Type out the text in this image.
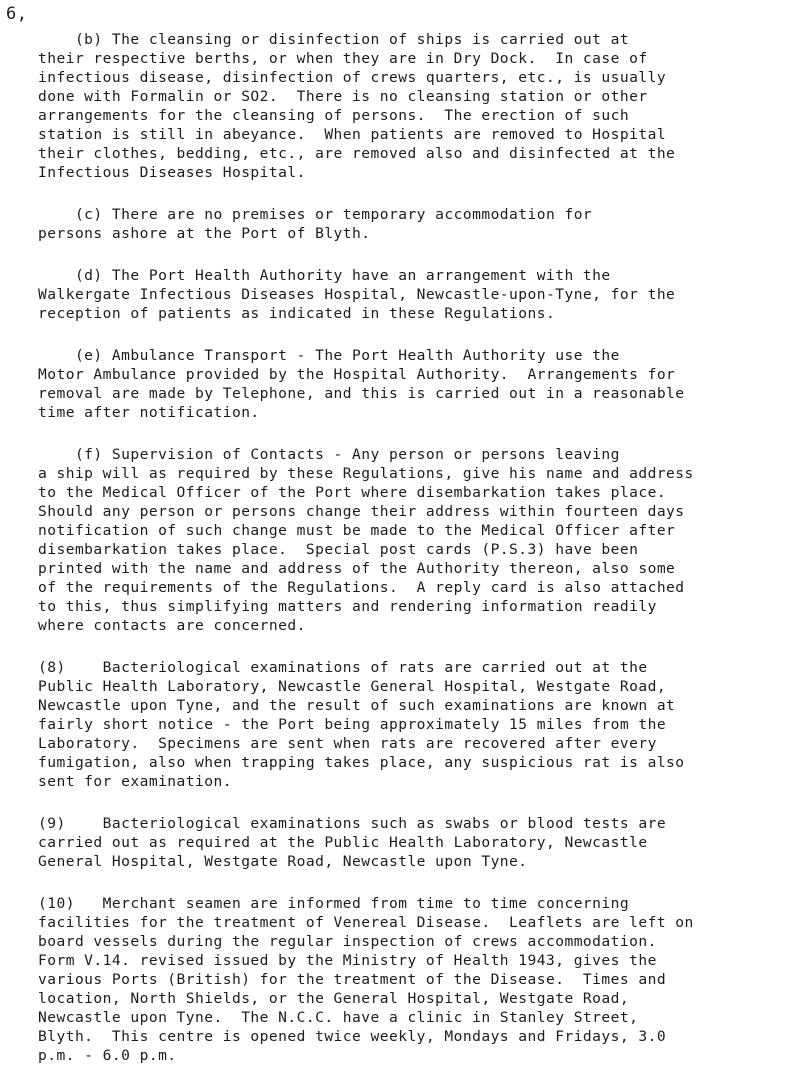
6,
(b) The cleansing or disinfection of ships is carried out at
their respective berths, or when they are in Dry Dock.  In case of
infectious disease, disinfection of crews quarters, etc., is usually
done with Formalin or SO2.  There is no cleansing station or other
arrangements for the cleansing of persons.  The erection of such
station is still in abeyance.  When patients are removed to Hospital
their clothes, bedding, etc., are removed also and disinfected at the
Infectious Diseases Hospital.
(c) There are no premises or temporary accommodation for
persons ashore at the Port of Blyth.
(d) The Port Health Authority have an arrangement with the
Walkergate Infectious Diseases Hospital, Newcastle-upon-Tyne, for the
reception of patients as indicated in these Regulations.
(e) Ambulance Transport - The Port Health Authority use the
Motor Ambulance provided by the Hospital Authority.  Arrangements for
removal are made by Telephone, and this is carried out in a reasonable
time after notification.
(f) Supervision of Contacts - Any person or persons leaving
a ship will as required by these Regulations, give his name and address
to the Medical Officer of the Port where disembarkation takes place.
Should any person or persons change their address within fourteen days
notification of such change must be made to the Medical Officer after
disembarkation takes place.  Special post cards (P.S.3) have been
printed with the name and address of the Authority thereon, also some
of the requirements of the Regulations.  A reply card is also attached
to this, thus simplifying matters and rendering information readily
where contacts are concerned.
(8)    Bacteriological examinations of rats are carried out at the
Public Health Laboratory, Newcastle General Hospital, Westgate Road,
Newcastle upon Tyne, and the result of such examinations are known at
fairly short notice - the Port being approximately 15 miles from the
Laboratory.  Specimens are sent when rats are recovered after every
fumigation, also when trapping takes place, any suspicious rat is also
sent for examination.
(9)    Bacteriological examinations such as swabs or blood tests are
carried out as required at the Public Health Laboratory, Newcastle
General Hospital, Westgate Road, Newcastle upon Tyne.
(10)   Merchant seamen are informed from time to time concerning
facilities for the treatment of Venereal Disease.  Leaflets are left on
board vessels during the regular inspection of crews accommodation.
Form V.14. revised issued by the Ministry of Health 1943, gives the
various Ports (British) for the treatment of the Disease.  Times and
location, North Shields, or the General Hospital, Westgate Road,
Newcastle upon Tyne.  The N.C.C. have a clinic in Stanley Street,
Blyth.  This centre is opened twice weekly, Mondays and Fridays, 3.0
p.m. - 6.0 p.m.
